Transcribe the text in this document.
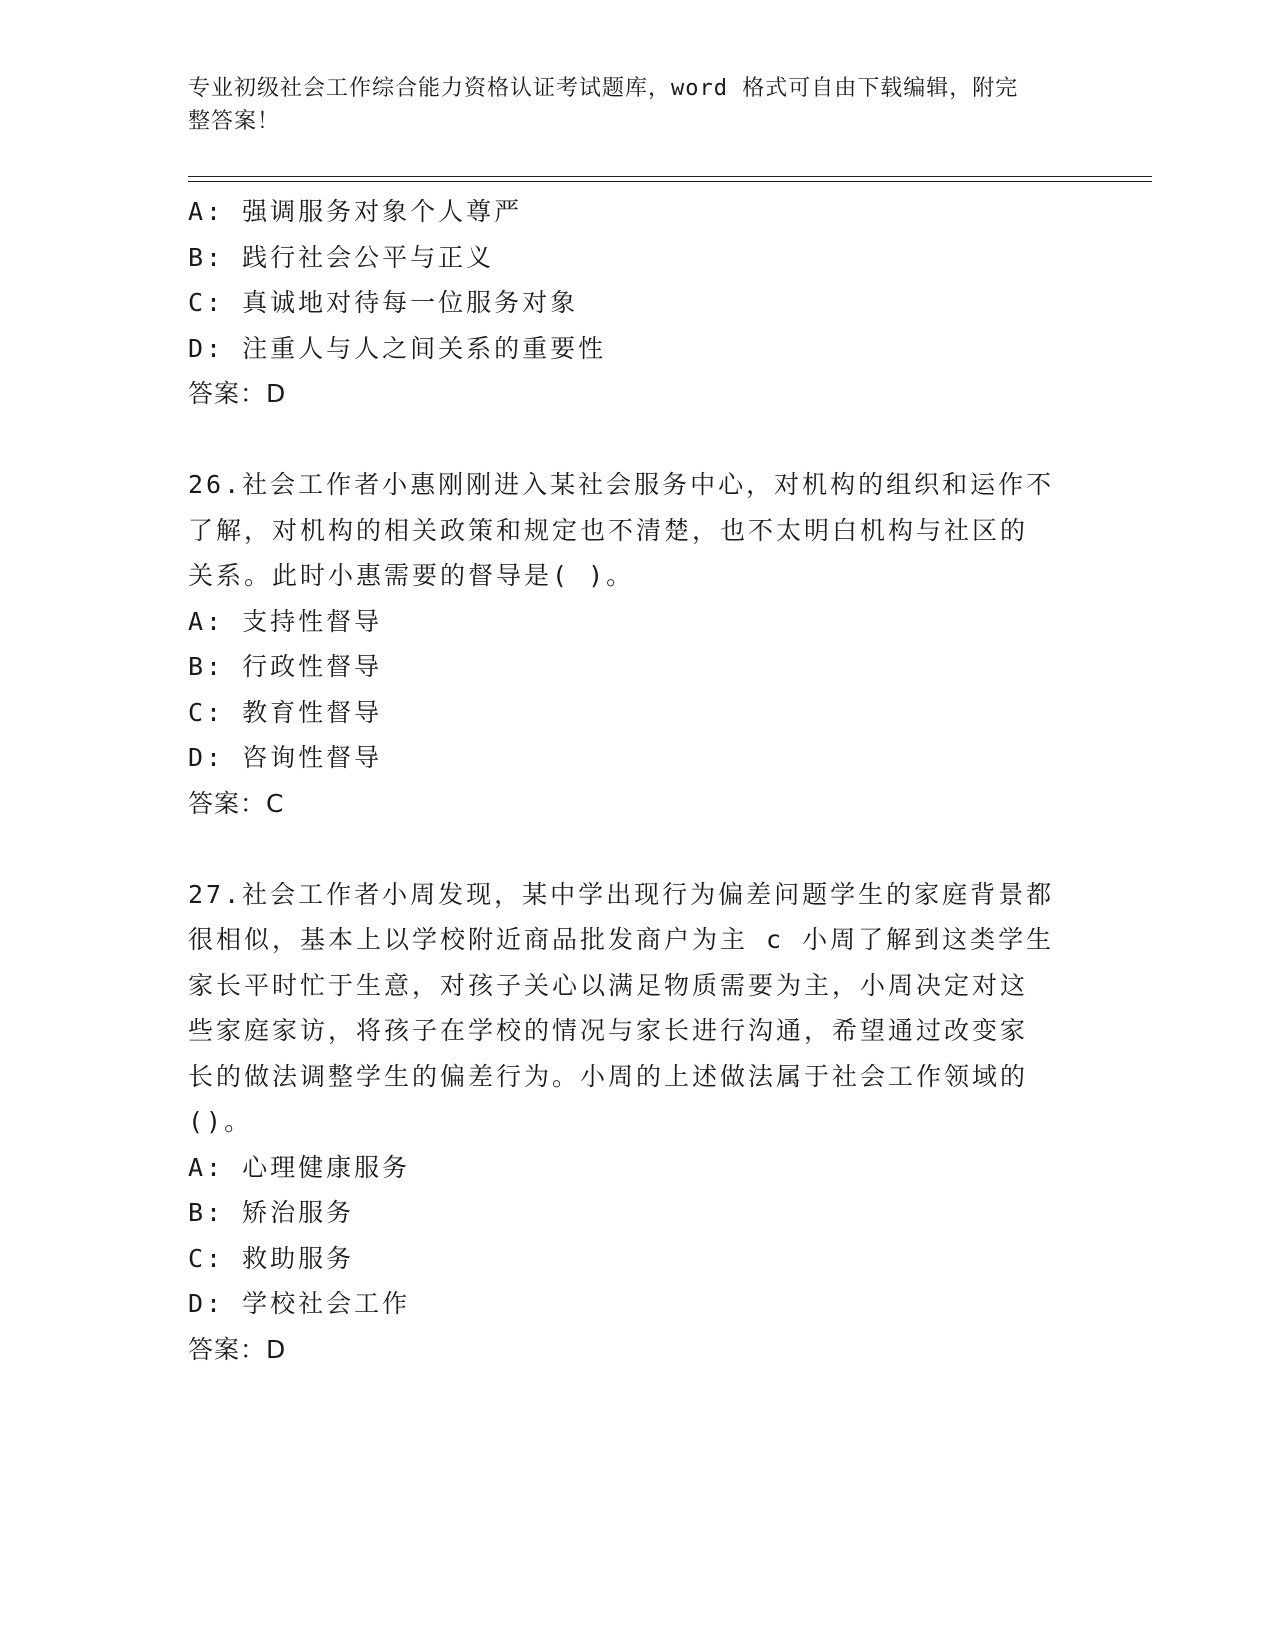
专业初级社会工作综合能力资格认证考试题库，word 格式可自由下载编辑，附完
整答案！
A: 强调服务对象个人尊严
B: 践行社会公平与正义
C: 真诚地对待每一位服务对象
D: 注重人与人之间关系的重要性
答案：D
26.社会工作者小惠刚刚进入某社会服务中心，对机构的组织和运作不
了解，对机构的相关政策和规定也不清楚，也不太明白机构与社区的
关系。此时小惠需要的督导是( )。
A: 支持性督导
B: 行政性督导
C: 教育性督导
D: 咨询性督导
答案：C
27.社会工作者小周发现，某中学出现行为偏差问题学生的家庭背景都
很相似，基本上以学校附近商品批发商户为主 c 小周了解到这类学生
家长平时忙于生意，对孩子关心以满足物质需要为主，小周决定对这
些家庭家访，将孩子在学校的情况与家长进行沟通，希望通过改变家
长的做法调整学生的偏差行为。小周的上述做法属于社会工作领域的
()。
A: 心理健康服务
B: 矫治服务
C: 救助服务
D: 学校社会工作
答案：D
